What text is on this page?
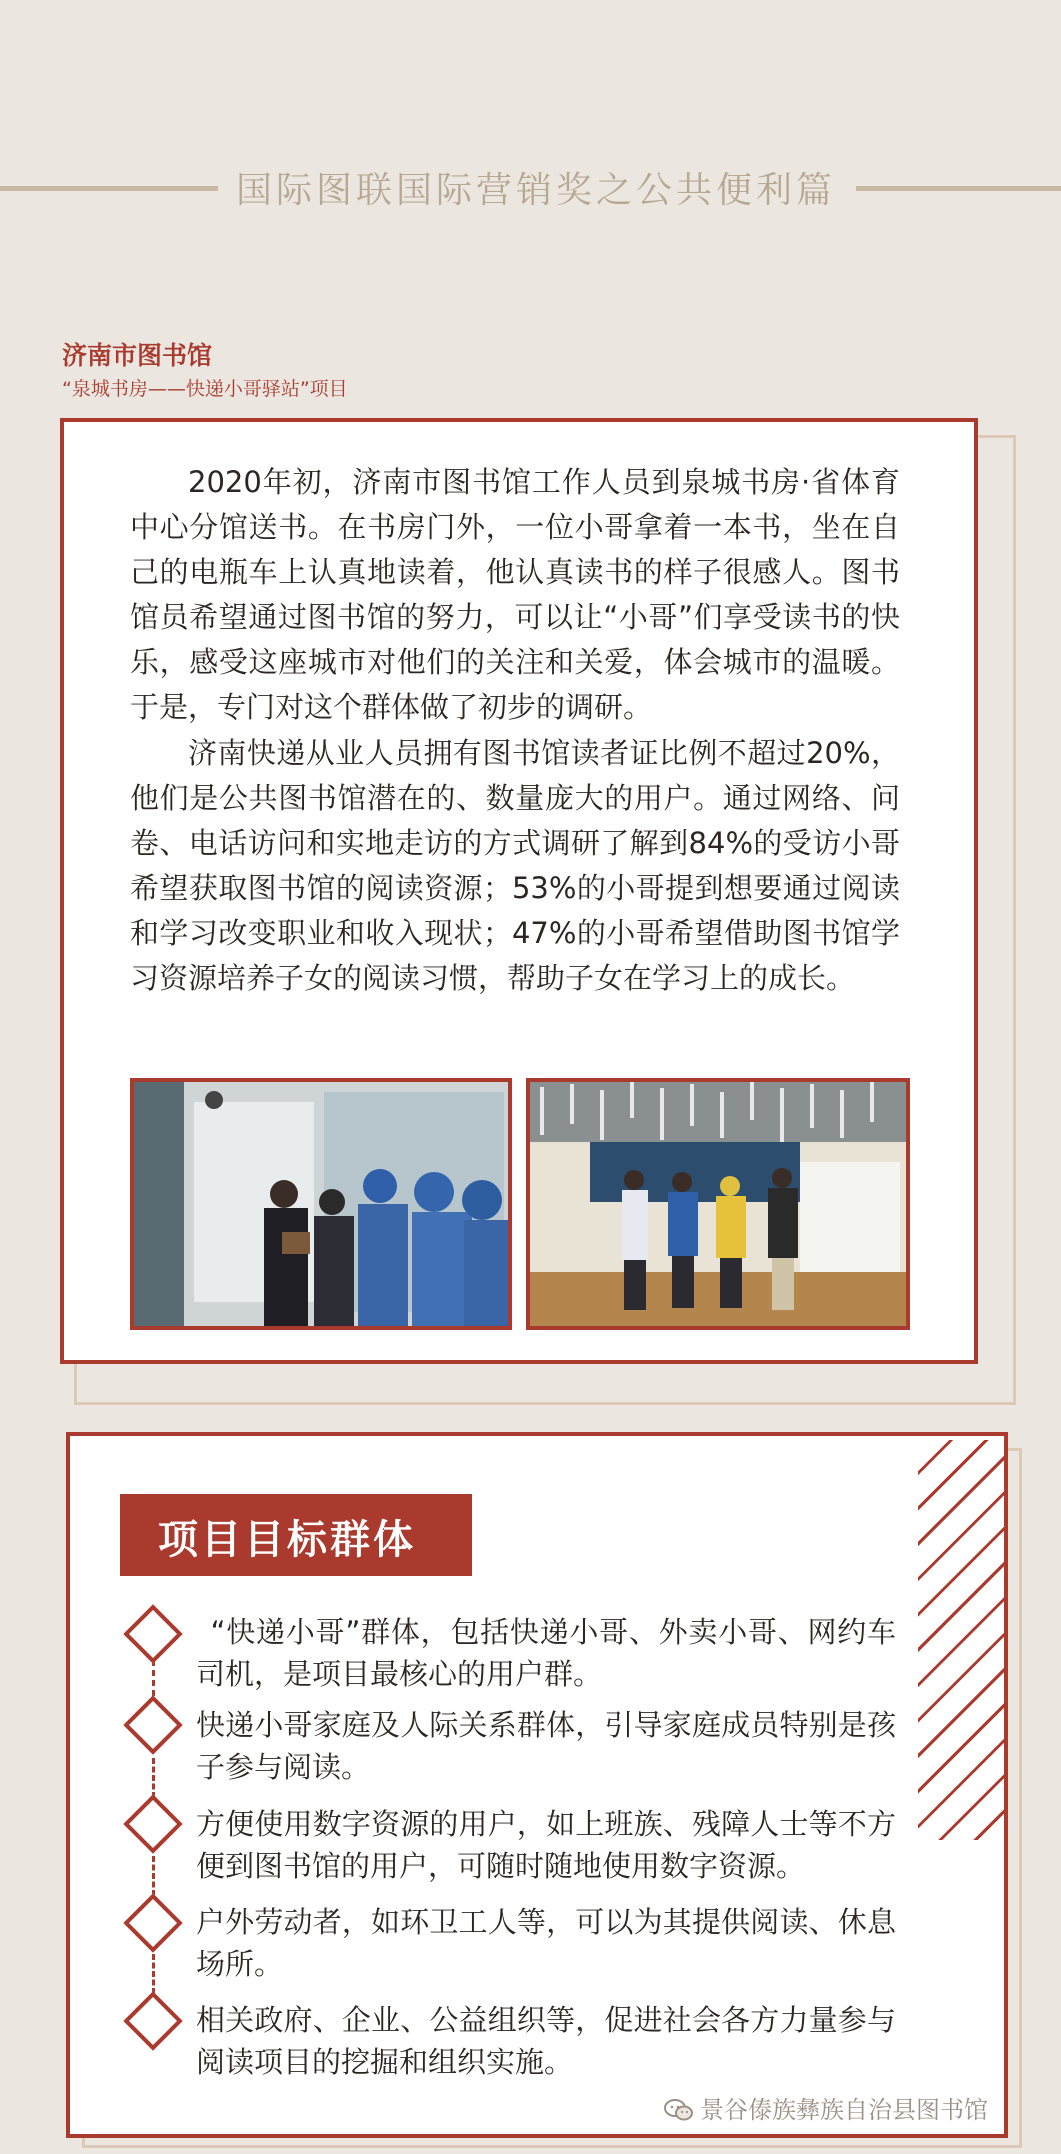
国际图联国际营销奖之公共便利篇
济南市图书馆
“泉城书房——快递小哥驿站”项目

2020年初，济南市图书馆工作人员到泉城书房·省体育中心分馆送书。在书房门外，一位小哥拿着一本书，坐在自己的电瓶车上认真地读着，他认真读书的样子很感人。图书馆员希望通过图书馆的努力，可以让“小哥”们享受读书的快乐，感受这座城市对他们的关注和关爱，体会城市的温暖。于是，专门对这个群体做了初步的调研。

济南快递从业人员拥有图书馆读者证比例不超过20%，他们是公共图书馆潜在的、数量庞大的用户。通过网络、问卷、电话访问和实地走访的方式调研了解到84%的受访小哥希望获取图书馆的阅读资源；53%的小哥提到想要通过阅读和学习改变职业和收入现状；47%的小哥希望借助图书馆学习资源培养子女的阅读习惯，帮助子女在学习上的成长。

项目目标群体

“快递小哥”群体，包括快递小哥、外卖小哥、网约车司机，是项目最核心的用户群。

快递小哥家庭及人际关系群体，引导家庭成员特别是孩子参与阅读。

方便使用数字资源的用户，如上班族、残障人士等不方便到图书馆的用户，可随时随地使用数字资源。

户外劳动者，如环卫工人等，可以为其提供阅读、休息场所。

相关政府、企业、公益组织等，促进社会各方力量参与阅读项目的挖掘和组织实施。

景谷傣族彝族自治县图书馆
